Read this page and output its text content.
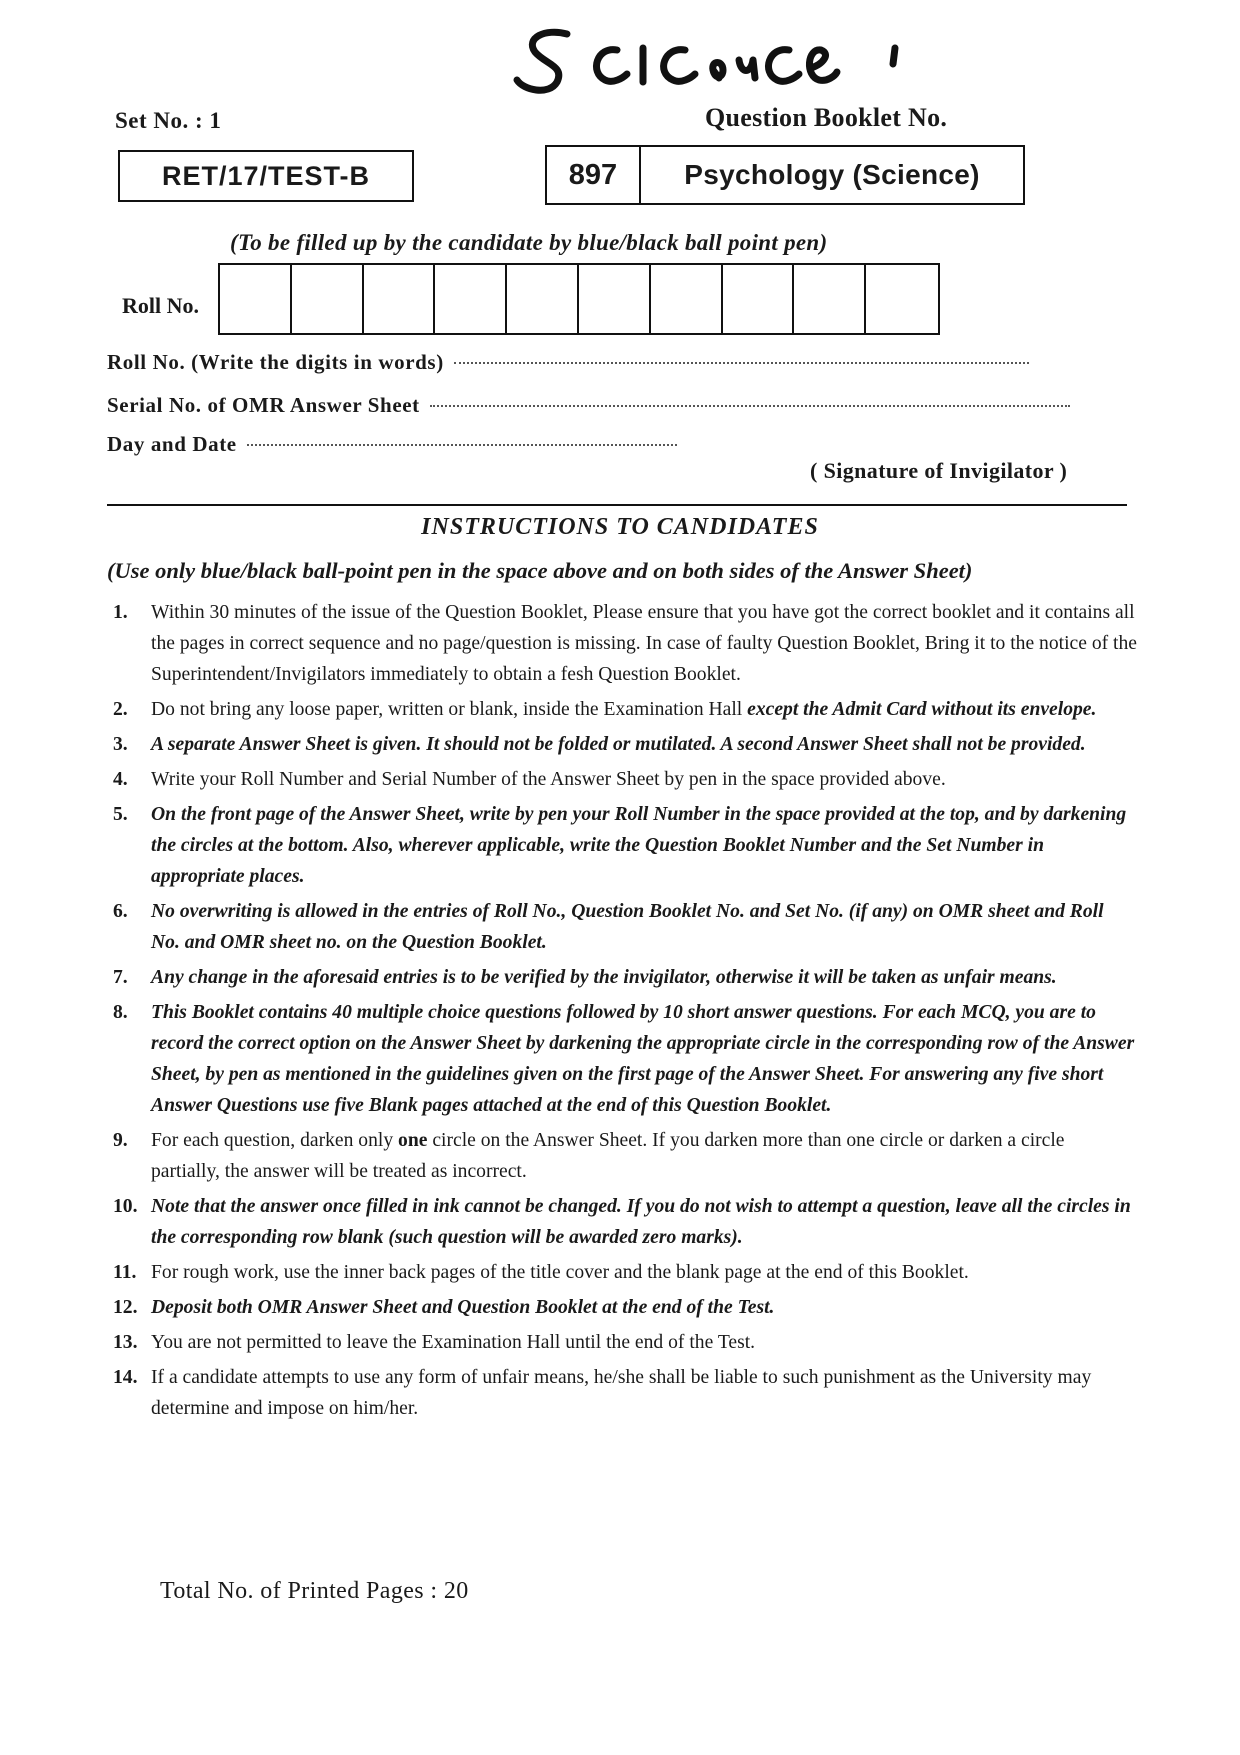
Set No. : 1	Question Booklet No.
RET/17/TEST-B	897	Psychology (Science)
(To be filled up by the candidate by blue/black ball point pen)
Roll No.
Roll No. (Write the digits in words)
Serial No. of OMR Answer Sheet
Day and Date
( Signature of Invigilator )
INSTRUCTIONS TO CANDIDATES
(Use only blue/black ball-point pen in the space above and on both sides of the Answer Sheet)
1. Within 30 minutes of the issue of the Question Booklet, Please ensure that you have got the correct booklet and it contains all the pages in correct sequence and no page/question is missing. In case of faulty Question Booklet, Bring it to the notice of the Superintendent/Invigilators immediately to obtain a fesh Question Booklet.
2. Do not bring any loose paper, written or blank, inside the Examination Hall except the Admit Card without its envelope.
3. A separate Answer Sheet is given. It should not be folded or mutilated. A second Answer Sheet shall not be provided.
4. Write your Roll Number and Serial Number of the Answer Sheet by pen in the space provided above.
5. On the front page of the Answer Sheet, write by pen your Roll Number in the space provided at the top, and by darkening the circles at the bottom. Also, wherever applicable, write the Question Booklet Number and the Set Number in appropriate places.
6. No overwriting is allowed in the entries of Roll No., Question Booklet No. and Set No. (if any) on OMR sheet and Roll No. and OMR sheet no. on the Question Booklet.
7. Any change in the aforesaid entries is to be verified by the invigilator, otherwise it will be taken as unfair means.
8. This Booklet contains 40 multiple choice questions followed by 10 short answer questions. For each MCQ, you are to record the correct option on the Answer Sheet by darkening the appropriate circle in the corresponding row of the Answer Sheet, by pen as mentioned in the guidelines given on the first page of the Answer Sheet. For answering any five short Answer Questions use five Blank pages attached at the end of this Question Booklet.
9. For each question, darken only one circle on the Answer Sheet. If you darken more than one circle or darken a circle partially, the answer will be treated as incorrect.
10. Note that the answer once filled in ink cannot be changed. If you do not wish to attempt a question, leave all the circles in the corresponding row blank (such question will be awarded zero marks).
11. For rough work, use the inner back pages of the title cover and the blank page at the end of this Booklet.
12. Deposit both OMR Answer Sheet and Question Booklet at the end of the Test.
13. You are not permitted to leave the Examination Hall until the end of the Test.
14. If a candidate attempts to use any form of unfair means, he/she shall be liable to such punishment as the University may determine and impose on him/her.
Total No. of Printed Pages : 20
